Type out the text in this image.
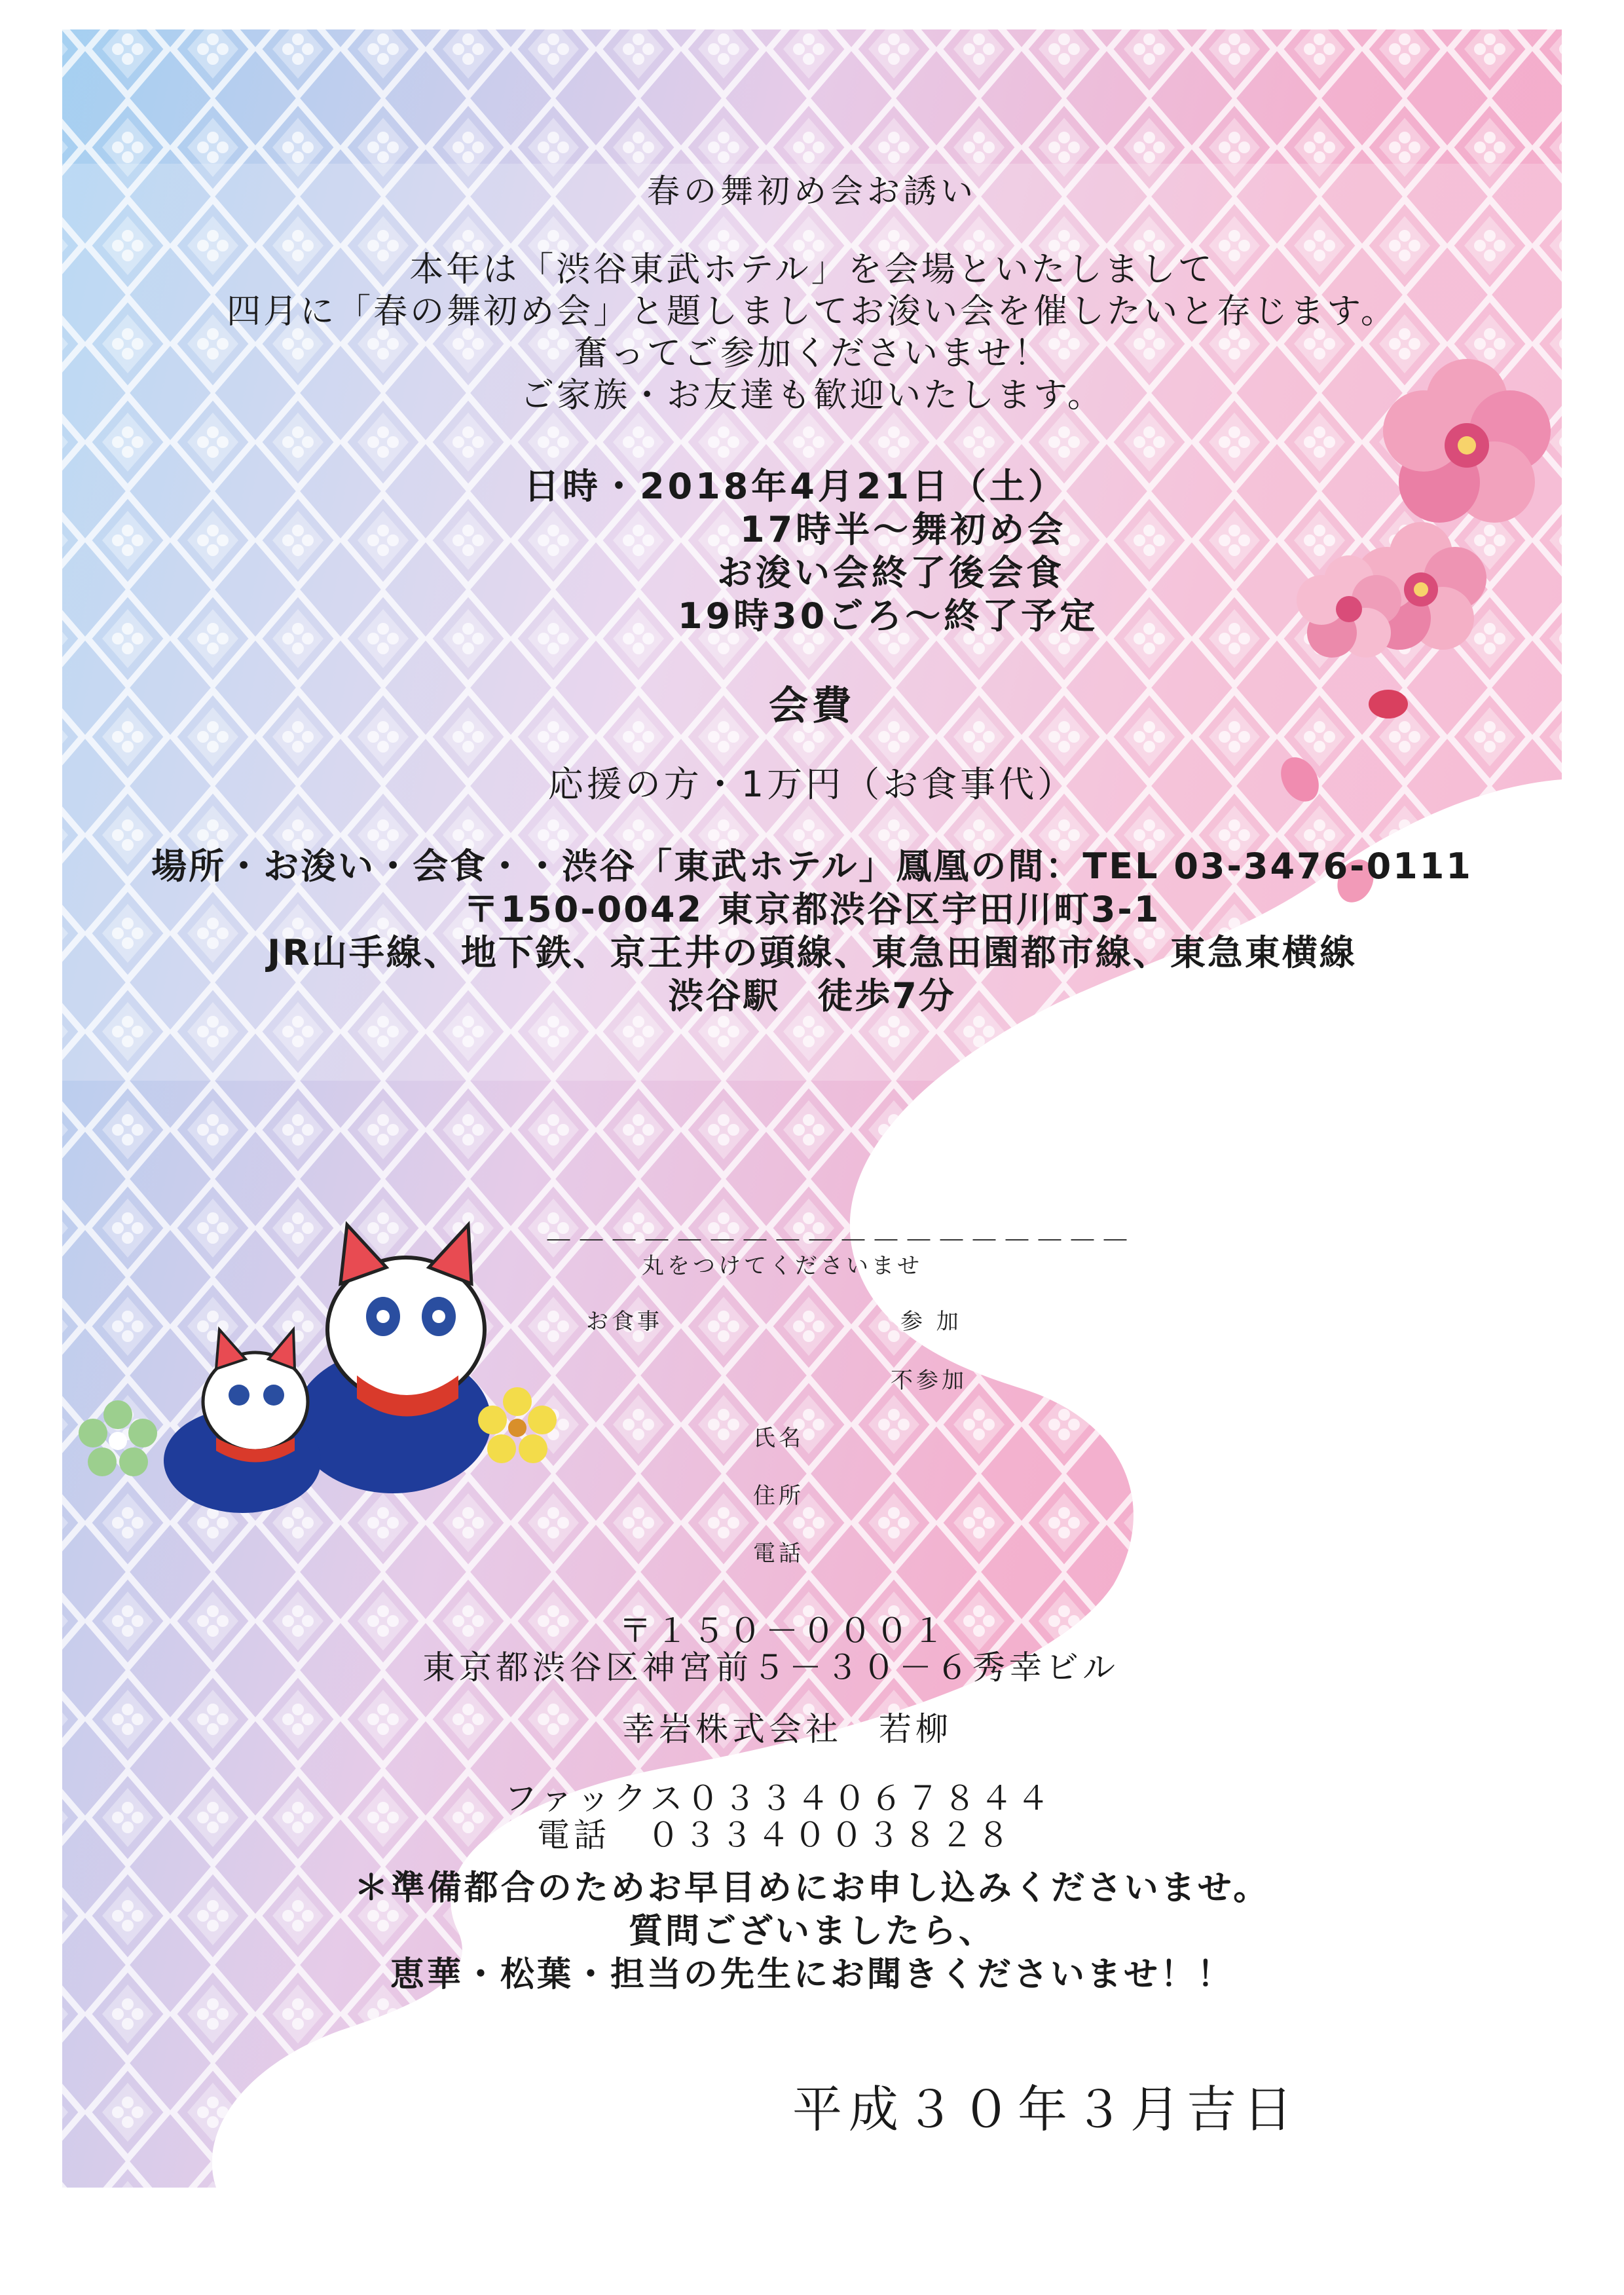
春の舞初め会お誘い
本年は「渋谷東武ホテル」を会場といたしまして
四月に「春の舞初め会」と題しましてお浚い会を催したいと存じます。
奮ってご参加くださいませ！
ご家族・お友達も歓迎いたします。
日時・2018年4月21日（土）
17時半～舞初め会
お浚い会終了後会食
19時30ごろ～終了予定
会費
応援の方・1万円（お食事代）
場所・お浚い・会食・・渋谷「東武ホテル」鳳凰の間：TEL 03-3476-0111
〒150-0042 東京都渋谷区宇田川町3-1
JR山手線、地下鉄、京王井の頭線、東急田園都市線、東急東横線
渋谷駅　徒歩7分
－－－－－－－－－－－－－－－－－－
丸をつけてくださいませ
お食事	参 加
不参加
氏名
住所
電話
〒１５０－０００１
東京都渋谷区神宮前５－３０－６秀幸ビル
幸岩株式会社　若柳
ファックス０３３４０６７８４４
電話　０３３４００３８２８
＊準備都合のためお早目めにお申し込みくださいませ。
質問ございましたら、
恵華・松葉・担当の先生にお聞きくださいませ！！
平成３０年３月吉日
